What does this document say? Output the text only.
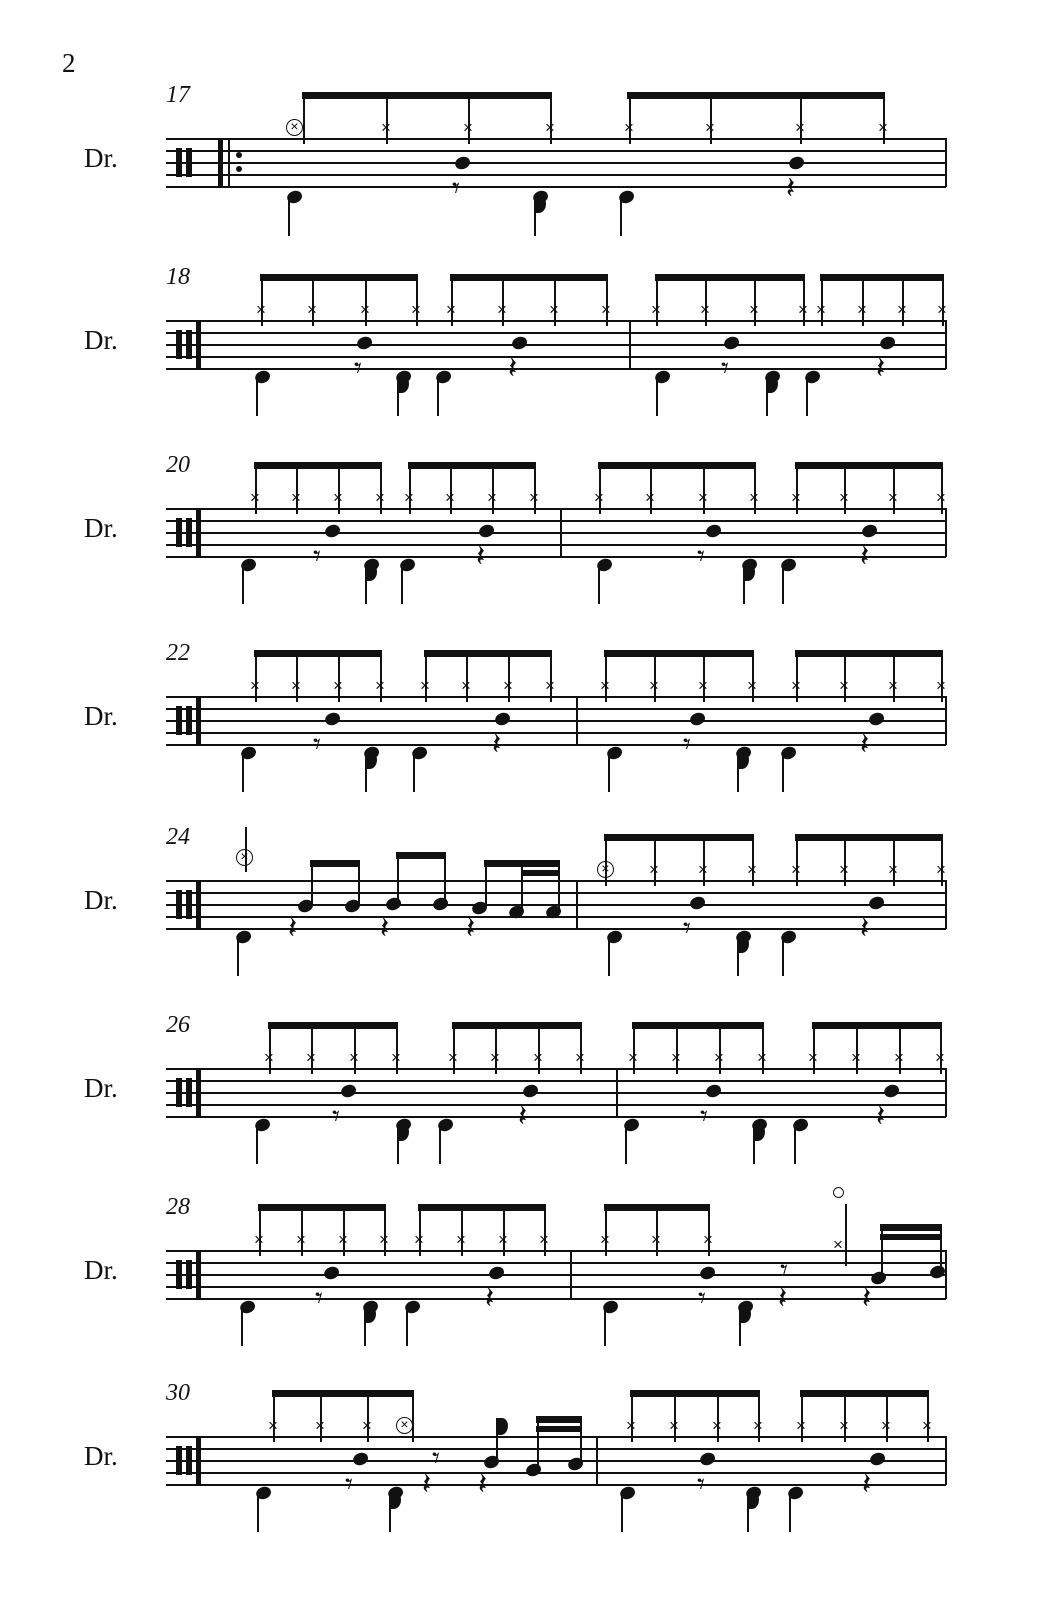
2
17
Dr.
×
×
×
×
×
×
×
×
𝄾
𝄽
18
Dr.
×
×
×
×
×
×
×
×
×
×
×
×
×
×
×
×
𝄾
𝄽
𝄾
𝄽
20
Dr.
×
×
×
×
×
×
×
×
×
×
×
×
×
×
×
×
𝄾
𝄽
𝄾
𝄽
22
Dr.
×
×
×
×
×
×
×
×
×
×
×
×
×
×
×
×
𝄾
𝄽
𝄾
𝄽
24
Dr.
×
𝄽
𝄽
𝄽
×
×
×
×
×
×
×
×
𝄾
𝄽
26
Dr.
×
×
×
×
×
×
×
×
×
×
×
×
×
×
×
×
𝄾
𝄽
𝄾
𝄽
28
Dr.
×
×
×
×
×
×
×
×
×
×
×
×
𝄾
𝄽
𝄾
𝄾
𝄽
𝄽
30
Dr.
×
×
×
×
×
×
×
×
×
×
×
×
𝄾
𝄾
𝄽
𝄽
𝄾
𝄽
